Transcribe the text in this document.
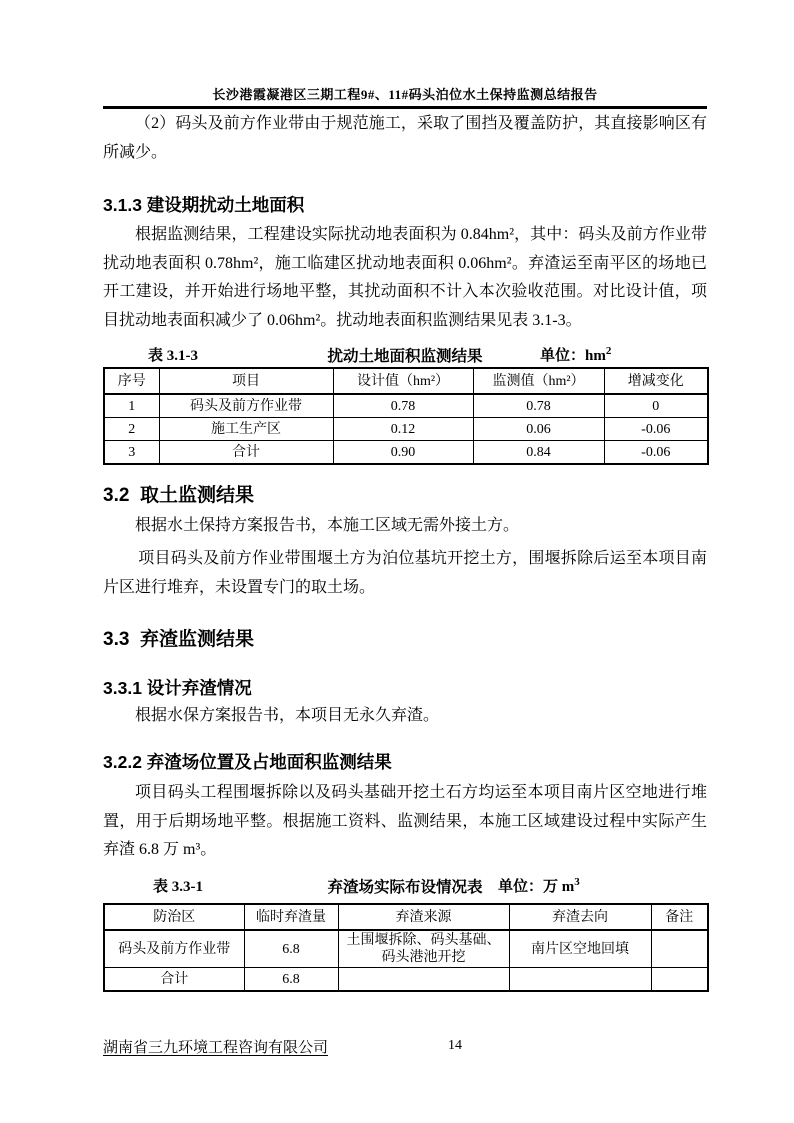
长沙港霞凝港区三期工程9#、11#码头泊位水土保持监测总结报告
（2）码头及前方作业带由于规范施工，采取了围挡及覆盖防护，其直接影响区有所减少。
3.1.3 建设期扰动土地面积
根据监测结果，工程建设实际扰动地表面积为 0.84hm²，其中：码头及前方作业带扰动地表面积 0.78hm²，施工临建区扰动地表面积 0.06hm²。弃渣运至南平区的场地已开工建设，并开始进行场地平整，其扰动面积不计入本次验收范围。对比设计值，项目扰动地表面积减少了 0.06hm²。扰动地表面积监测结果见表 3.1-3。
表 3.1-3	扰动土地面积监测结果	单位：$hm^2$
序号	项目	设计值（hm²）	监测值（hm²）	增减变化
1	码头及前方作业带	0.78	0.78	0
2	施工生产区	0.12	0.06	-0.06
3	合计	0.90	0.84	-0.06
3.2  取土监测结果
根据水土保持方案报告书，本施工区域无需外接土方。
项目码头及前方作业带围堰土方为泊位基坑开挖土方，围堰拆除后运至本项目南片区进行堆弃，未设置专门的取土场。
3.3  弃渣监测结果
3.3.1 设计弃渣情况
根据水保方案报告书，本项目无永久弃渣。
3.2.2 弃渣场位置及占地面积监测结果
项目码头工程围堰拆除以及码头基础开挖土石方均运至本项目南片区空地进行堆置，用于后期场地平整。根据施工资料、监测结果，本施工区域建设过程中实际产生弃渣 6.8 万 m³。
表 3.3-1	弃渣场实际布设情况表	单位：万 $m^3$
防治区	临时弃渣量	弃渣来源	弃渣去向	备注
码头及前方作业带	6.8	土围堰拆除、码头基础、码头港池开挖	南片区空地回填	
合计	6.8			
湖南省三九环境工程咨询有限公司	14
